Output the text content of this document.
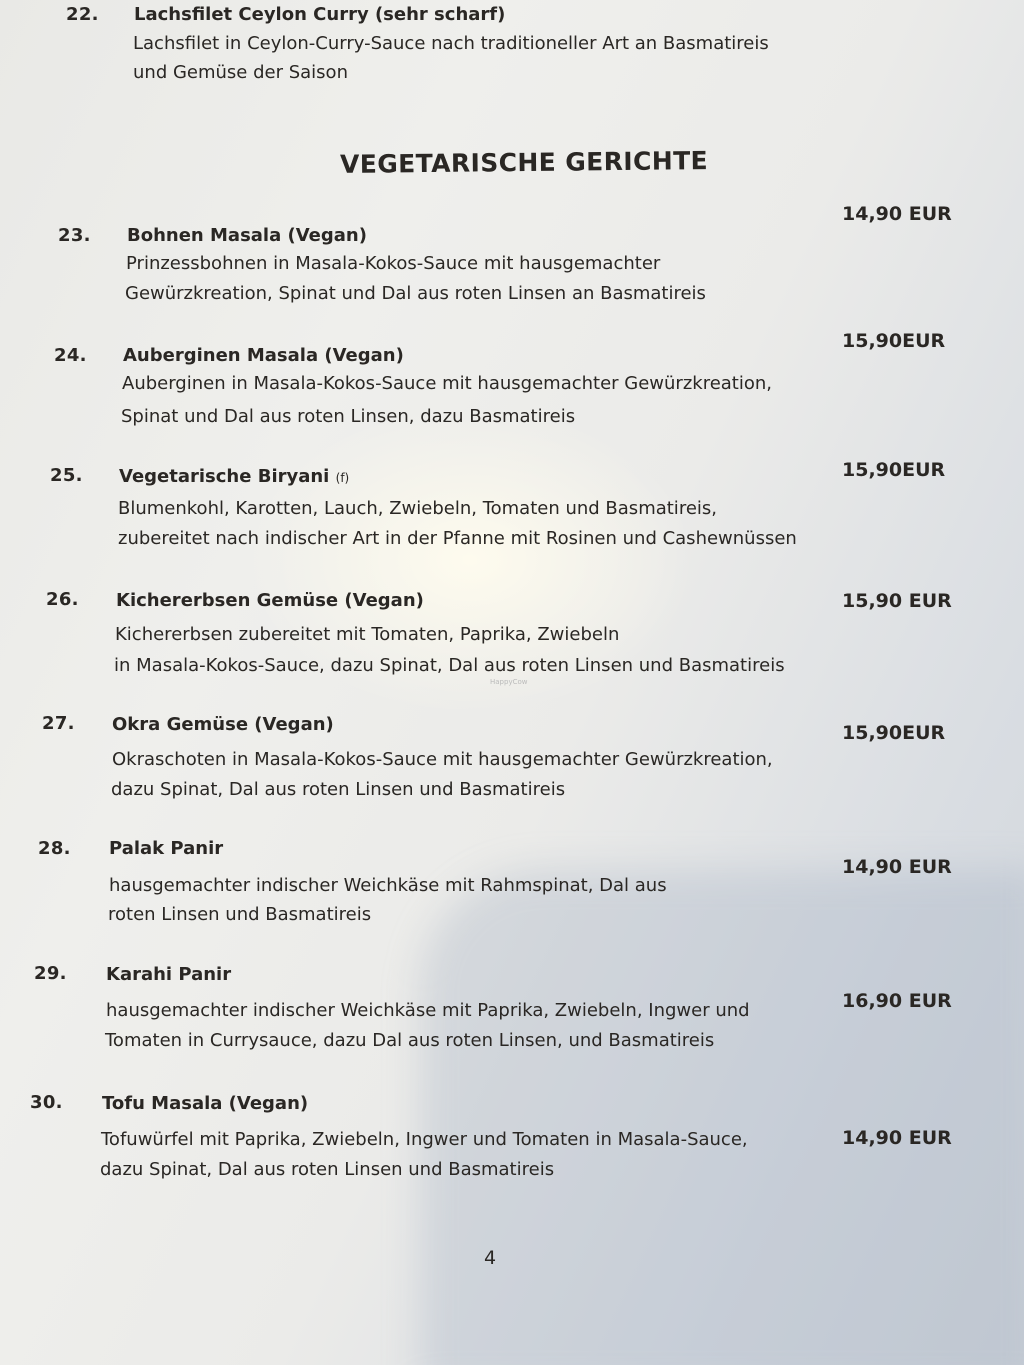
22. Lachsfilet Ceylon Curry (sehr scharf)
Lachsfilet in Ceylon-Curry-Sauce nach traditioneller Art an Basmatireis
und Gemüse der Saison
VEGETARISCHE GERICHTE
23. Bohnen Masala (Vegan)
Prinzessbohnen in Masala-Kokos-Sauce mit hausgemachter
Gewürzkreation, Spinat und Dal aus roten Linsen an Basmatireis
14,90 EUR
24. Auberginen Masala (Vegan)
Auberginen in Masala-Kokos-Sauce mit hausgemachter Gewürzkreation,
Spinat und Dal aus roten Linsen, dazu Basmatireis
15,90EUR
25. Vegetarische Biryani (f)
Blumenkohl, Karotten, Lauch, Zwiebeln, Tomaten und Basmatireis,
zubereitet nach indischer Art in der Pfanne mit Rosinen und Cashewnüssen
15,90EUR
26. Kichererbsen Gemüse (Vegan)
Kichererbsen zubereitet mit Tomaten, Paprika, Zwiebeln
in Masala-Kokos-Sauce, dazu Spinat, Dal aus roten Linsen und Basmatireis
15,90 EUR
HappyCow
27. Okra Gemüse (Vegan)
Okraschoten in Masala-Kokos-Sauce mit hausgemachter Gewürzkreation,
dazu Spinat, Dal aus roten Linsen und Basmatireis
15,90EUR
28. Palak Panir
hausgemachter indischer Weichkäse mit Rahmspinat, Dal aus
roten Linsen und Basmatireis
14,90 EUR
29. Karahi Panir
hausgemachter indischer Weichkäse mit Paprika, Zwiebeln, Ingwer und
Tomaten in Currysauce, dazu Dal aus roten Linsen, und Basmatireis
16,90 EUR
30. Tofu Masala (Vegan)
Tofuwürfel mit Paprika, Zwiebeln, Ingwer und Tomaten in Masala-Sauce,
dazu Spinat, Dal aus roten Linsen und Basmatireis
14,90 EUR
4
